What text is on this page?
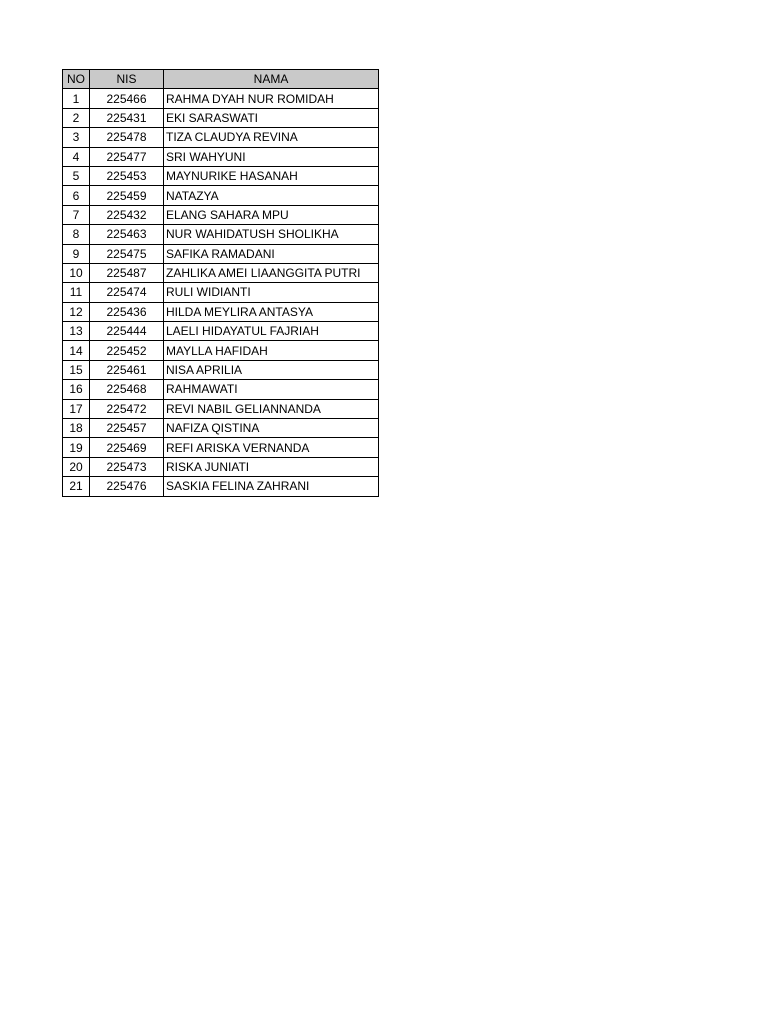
NO	NIS	NAMA
1	225466	RAHMA DYAH NUR ROMIDAH
2	225431	EKI SARASWATI
3	225478	TIZA CLAUDYA REVINA
4	225477	SRI WAHYUNI
5	225453	MAYNURIKE HASANAH
6	225459	NATAZYA
7	225432	ELANG SAHARA MPU
8	225463	NUR WAHIDATUSH SHOLIKHA
9	225475	SAFIKA RAMADANI
10	225487	ZAHLIKA AMEI LIAANGGITA PUTRI
11	225474	RULI WIDIANTI
12	225436	HILDA MEYLIRA ANTASYA
13	225444	LAELI HIDAYATUL FAJRIAH
14	225452	MAYLLA HAFIDAH
15	225461	NISA APRILIA
16	225468	RAHMAWATI
17	225472	REVI NABIL GELIANNANDA
18	225457	NAFIZA QISTINA
19	225469	REFI ARISKA VERNANDA
20	225473	RISKA JUNIATI
21	225476	SASKIA FELINA ZAHRANI
